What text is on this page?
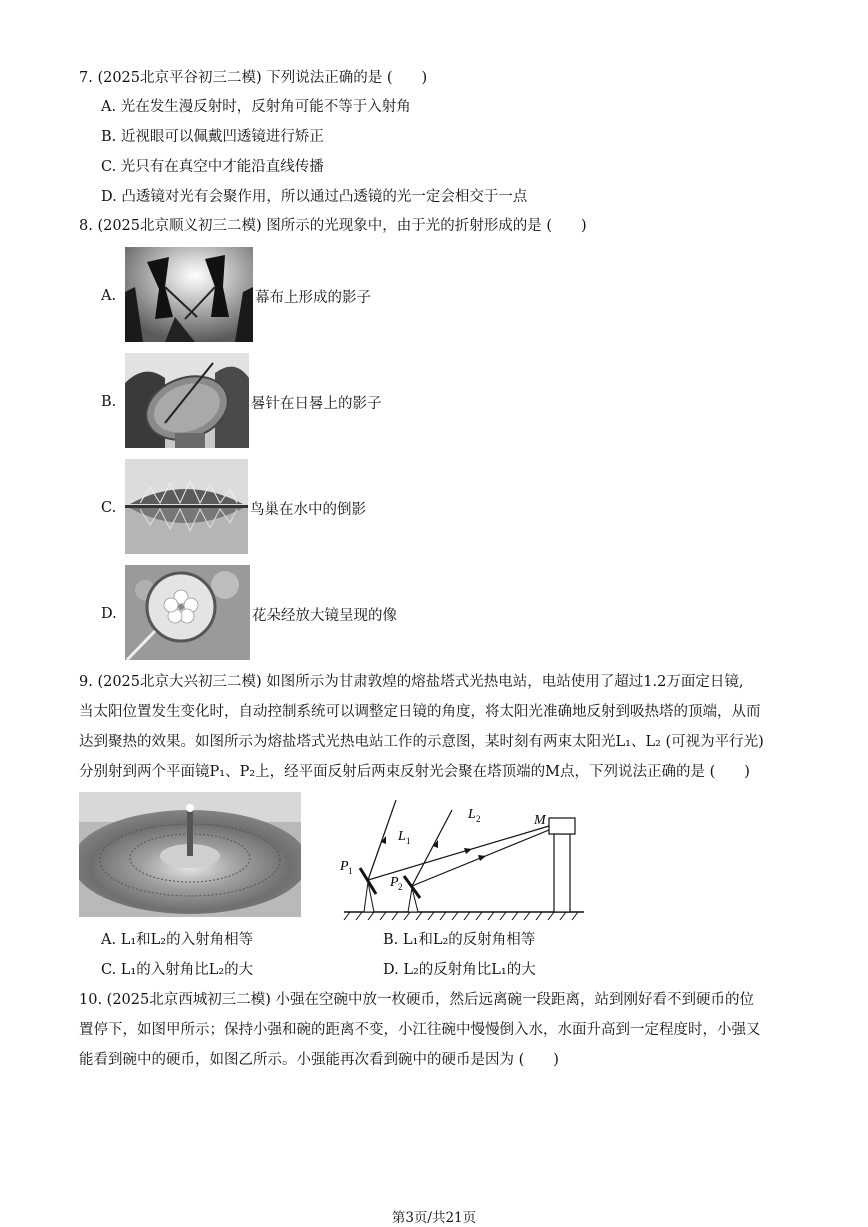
7. (2025北京平谷初三二模) 下列说法正确的是 (　　)
A. 光在发生漫反射时，反射角可能不等于入射角
B. 近视眼可以佩戴凹透镜进行矫正
C. 光只有在真空中才能沿直线传播
D. 凸透镜对光有会聚作用，所以通过凸透镜的光一定会相交于一点
8. (2025北京顺义初三二模) 图所示的光现象中，由于光的折射形成的是 (　　)
A.	幕布上形成的影子
B.	晷针在日晷上的影子
C.	鸟巢在水中的倒影
D.	花朵经放大镜呈现的像
9. (2025北京大兴初三二模) 如图所示为甘肃敦煌的熔盐塔式光热电站，电站使用了超过1.2万面定日镜,
当太阳位置发生变化时，自动控制系统可以调整定日镜的角度，将太阳光准确地反射到吸热塔的顶端，从而
达到聚热的效果。如图所示为熔盐塔式光热电站工作的示意图，某时刻有两束太阳光L₁、L₂ (可视为平行光)
分别射到两个平面镜P₁、P₂上，经平面反射后两束反射光会聚在塔顶端的M点，下列说法正确的是 (　　)
M
L 1
L 2
P 1
P 2
A. L₁和L₂的入射角相等	B. L₁和L₂的反射角相等
C. L₁的入射角比L₂的大	D. L₂的反射角比L₁的大
10. (2025北京西城初三二模) 小强在空碗中放一枚硬币，然后远离碗一段距离，站到刚好看不到硬币的位
置停下，如图甲所示；保持小强和碗的距离不变，小江往碗中慢慢倒入水，水面升高到一定程度时，小强又
能看到碗中的硬币，如图乙所示。小强能再次看到碗中的硬币是因为 (　　)
第3页/共21页
